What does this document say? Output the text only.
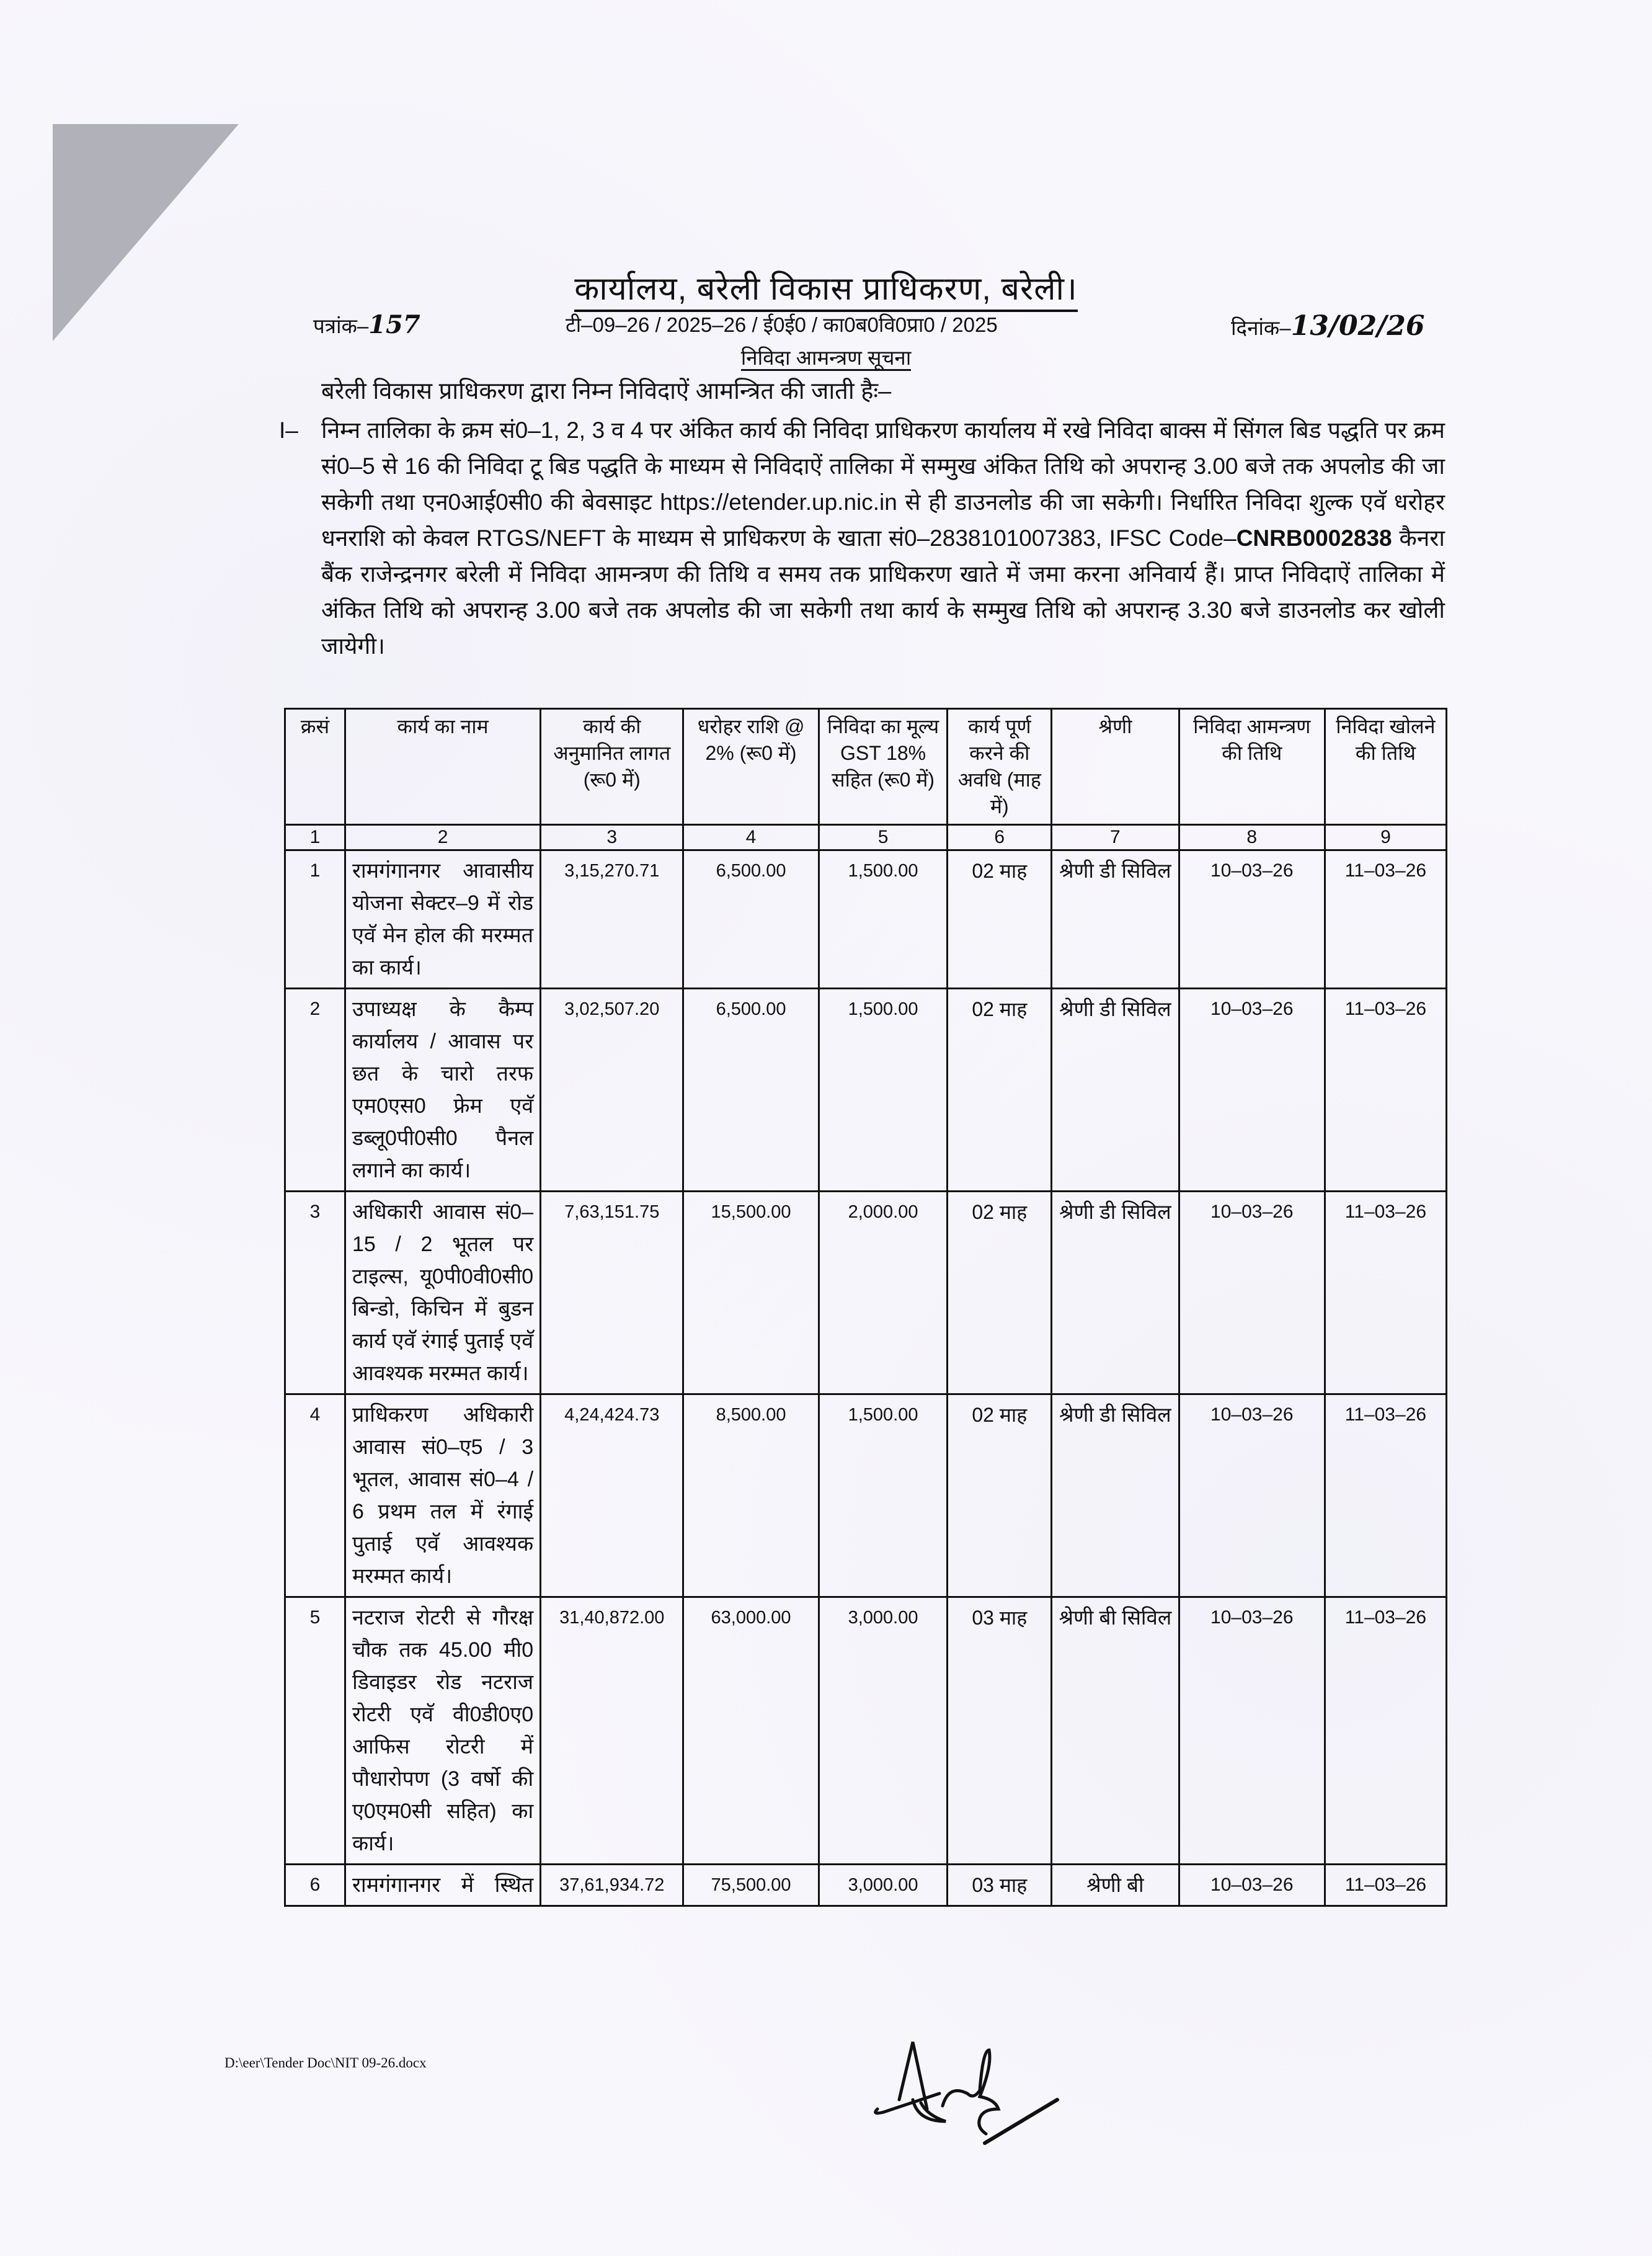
कार्यालय, बरेली विकास प्राधिकरण, बरेली।
पत्रांक–157	टी–09–26 / 2025–26 / ई0ई0 / का0ब0वि0प्रा0 / 2025	दिनांक–13/02/26
निविदा आमन्त्रण सूचना
बरेली विकास प्राधिकरण द्वारा निम्न निविदाऐं आमन्त्रित की जाती हैः–
I– निम्न तालिका के क्रम सं0–1, 2, 3 व 4 पर अंकित कार्य की निविदा प्राधिकरण कार्यालय में रखे निविदा बाक्स में सिंगल बिड पद्धति पर क्रम सं0–5 से 16 की निविदा टू बिड पद्धति के माध्यम से निविदाऐं तालिका में सम्मुख अंकित तिथि को अपरान्ह 3.00 बजे तक अपलोड की जा सकेगी तथा एन0आई0सी0 की बेवसाइट https://etender.up.nic.in से ही डाउनलोड की जा सकेगी। निर्धारित निविदा शुल्क एवॅ धरोहर धनराशि को केवल RTGS/NEFT के माध्यम से प्राधिकरण के खाता सं0–2838101007383, IFSC Code–CNRB0002838 कैनरा बैंक राजेन्द्रनगर बरेली में निविदा आमन्त्रण की तिथि व समय तक प्राधिकरण खाते में जमा करना अनिवार्य हैं। प्राप्त निविदाऐं तालिका में अंकित तिथि को अपरान्ह 3.00 बजे तक अपलोड की जा सकेगी तथा कार्य के सम्मुख तिथि को अपरान्ह 3.30 बजे डाउनलोड कर खोली जायेगी।
क्रसं	कार्य का नाम	कार्य की अनुमानित लागत (रू0 में)	धरोहर राशि @ 2% (रू0 में)	निविदा का मूल्य GST 18% सहित (रू0 में)	कार्य पूर्ण करने की अवधि (माह में)	श्रेणी	निविदा आमन्त्रण की तिथि	निविदा खोलने की तिथि
1	2	3	4	5	6	7	8	9
1	रामगंगानगर आवासीय योजना सेक्टर–9 में रोड एवॅ मेन होल की मरम्मत का कार्य।	3,15,270.71	6,500.00	1,500.00	02 माह	श्रेणी डी सिविल	10–03–26	11–03–26
2	उपाध्यक्ष के कैम्प कार्यालय / आवास पर छत के चारो तरफ एम0एस0 फ्रेम एवॅ डब्लू0पी0सी0 पैनल लगाने का कार्य।	3,02,507.20	6,500.00	1,500.00	02 माह	श्रेणी डी सिविल	10–03–26	11–03–26
3	अधिकारी आवास सं0–15 / 2 भूतल पर टाइल्स, यू0पी0वी0सी0 बिन्डो, किचिन में बुडन कार्य एवॅ रंगाई पुताई एवॅ आवश्यक मरम्मत कार्य।	7,63,151.75	15,500.00	2,000.00	02 माह	श्रेणी डी सिविल	10–03–26	11–03–26
4	प्राधिकरण अधिकारी आवास सं0–ए5 / 3 भूतल, आवास सं0–4 / 6 प्रथम तल में रंगाई पुताई एवॅ आवश्यक मरम्मत कार्य।	4,24,424.73	8,500.00	1,500.00	02 माह	श्रेणी डी सिविल	10–03–26	11–03–26
5	नटराज रोटरी से गौरक्ष चौक तक 45.00 मी0 डिवाइडर रोड नटराज रोटरी एवॅ वी0डी0ए0 आफिस रोटरी में पौधारोपण (3 वर्षो की ए0एम0सी सहित) का कार्य।	31,40,872.00	63,000.00	3,000.00	03 माह	श्रेणी बी सिविल	10–03–26	11–03–26
6	रामगंगानगर में स्थित	37,61,934.72	75,500.00	3,000.00	03 माह	श्रेणी बी	10–03–26	11–03–26
D:\eer\Tender Doc\NIT 09-26.docx
